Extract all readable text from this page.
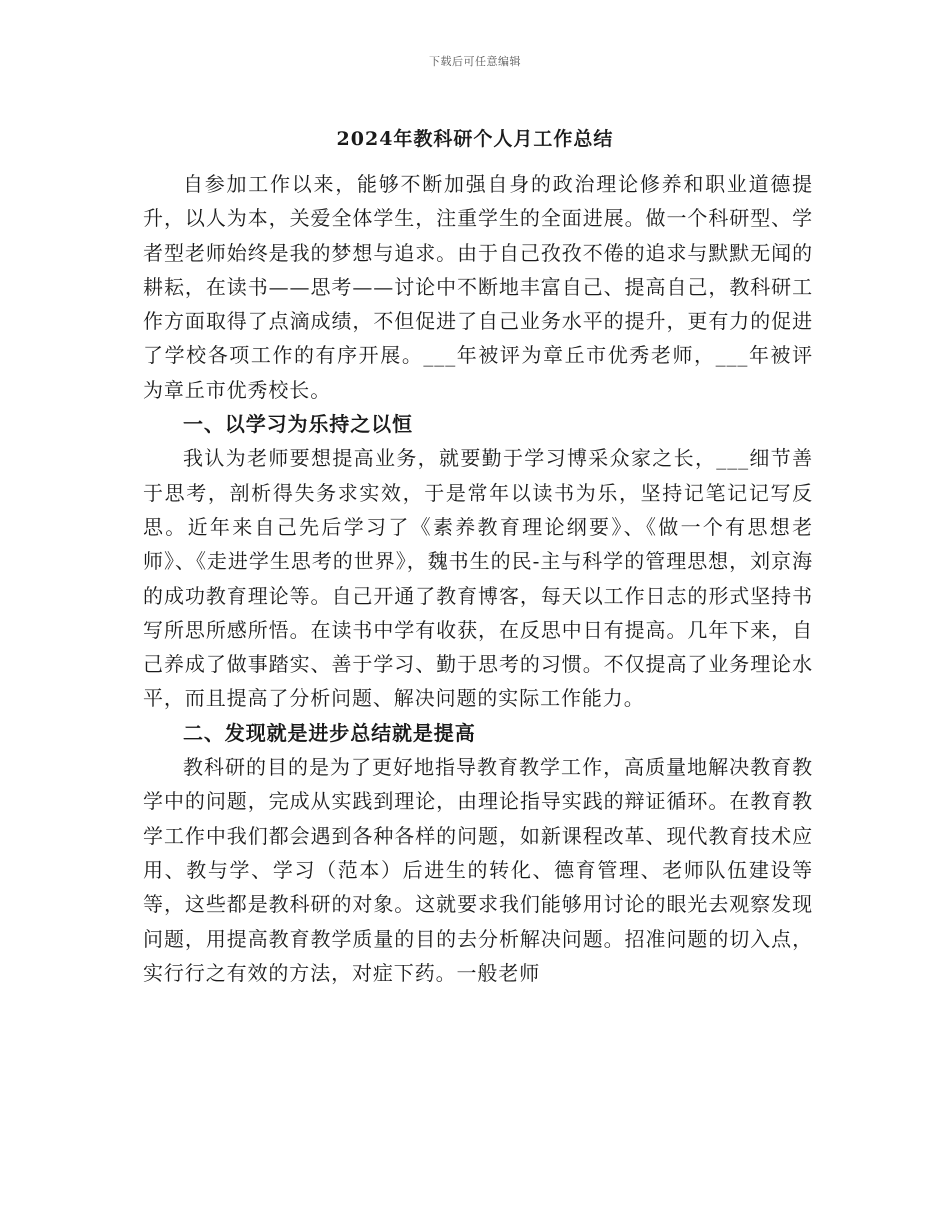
下载后可任意编辑
2024年教科研个人月工作总结

自参加工作以来，能够不断加强自身的政治理论修养和职业道德提升，以人为本，关爱全体学生，注重学生的全面进展。做一个科研型、学者型老师始终是我的梦想与追求。由于自己孜孜不倦的追求与默默无闻的耕耘，在读书——思考——讨论中不断地丰富自己、提高自己，教科研工作方面取得了点滴成绩，不但促进了自己业务水平的提升，更有力的促进了学校各项工作的有序开展。___年被评为章丘市优秀老师，___年被评为章丘市优秀校长。

一、以学习为乐持之以恒

我认为老师要想提高业务，就要勤于学习博采众家之长，___细节善于思考，剖析得失务求实效，于是常年以读书为乐，坚持记笔记记写反思。近年来自己先后学习了《素养教育理论纲要》、《做一个有思想老师》、《走进学生思考的世界》，魏书生的民-主与科学的管理思想，刘京海的成功教育理论等。自己开通了教育博客，每天以工作日志的形式坚持书写所思所感所悟。在读书中学有收获，在反思中日有提高。几年下来，自己养成了做事踏实、善于学习、勤于思考的习惯。不仅提高了业务理论水平，而且提高了分析问题、解决问题的实际工作能力。

二、发现就是进步总结就是提高

教科研的目的是为了更好地指导教育教学工作，高质量地解决教育教学中的问题，完成从实践到理论，由理论指导实践的辩证循环。在教育教学工作中我们都会遇到各种各样的问题，如新课程改革、现代教育技术应用、教与学、学习（范本）后进生的转化、德育管理、老师队伍建设等等，这些都是教科研的对象。这就要求我们能够用讨论的眼光去观察发现问题，用提高教育教学质量的目的去分析解决问题。招准问题的切入点，实行行之有效的方法，对症下药。一般老师
